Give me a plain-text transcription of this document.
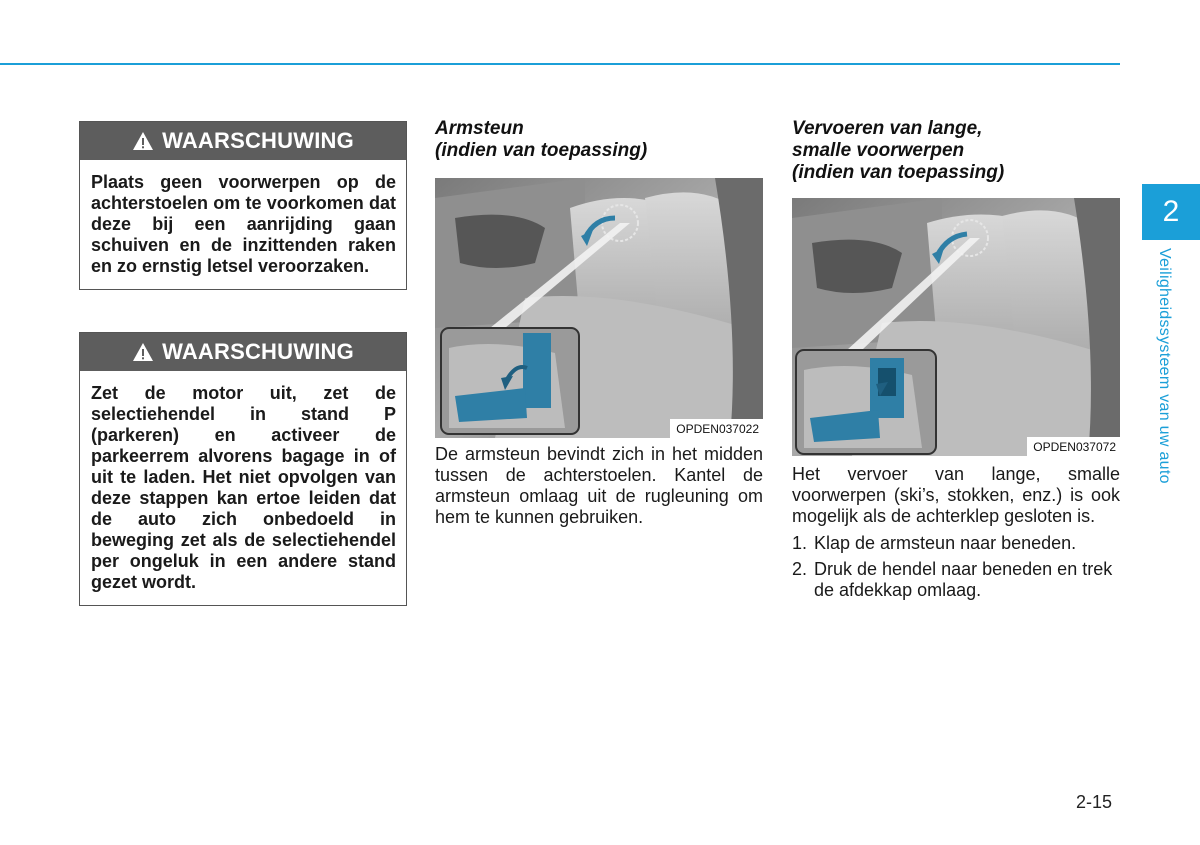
WAARSCHUWING
Plaats geen voorwerpen op de achterstoelen om te voorkomen dat deze bij een aanrijding gaan schuiven en de inzittenden raken en zo ernstig letsel veroorzaken.
WAARSCHUWING
Zet de motor uit, zet de selectiehendel in stand P (parkeren) en activeer de parkeerrem alvorens bagage in of uit te laden. Het niet opvolgen van deze stappen kan ertoe leiden dat de auto zich onbedoeld in beweging zet als de selectiehendel per ongeluk in een andere stand gezet wordt.

Armsteun

(indien van toepassing)

OPDEN037022

De armsteun bevindt zich in het midden tussen de achterstoelen. Kantel de armsteun omlaag uit de rugleuning om hem te kunnen gebruiken.

Vervoeren van lange,

smalle voorwerpen

(indien van toepassing)

OPDEN037072

Het vervoer van lange, smalle voorwerpen (ski’s, stokken, enz.) is ook mogelijk als de achterklep gesloten is.

1. Klap de armsteun naar beneden.
2. Druk de hendel naar beneden en trek de afdekkap omlaag.
2
Veiligheidssysteem van uw auto
2-15
